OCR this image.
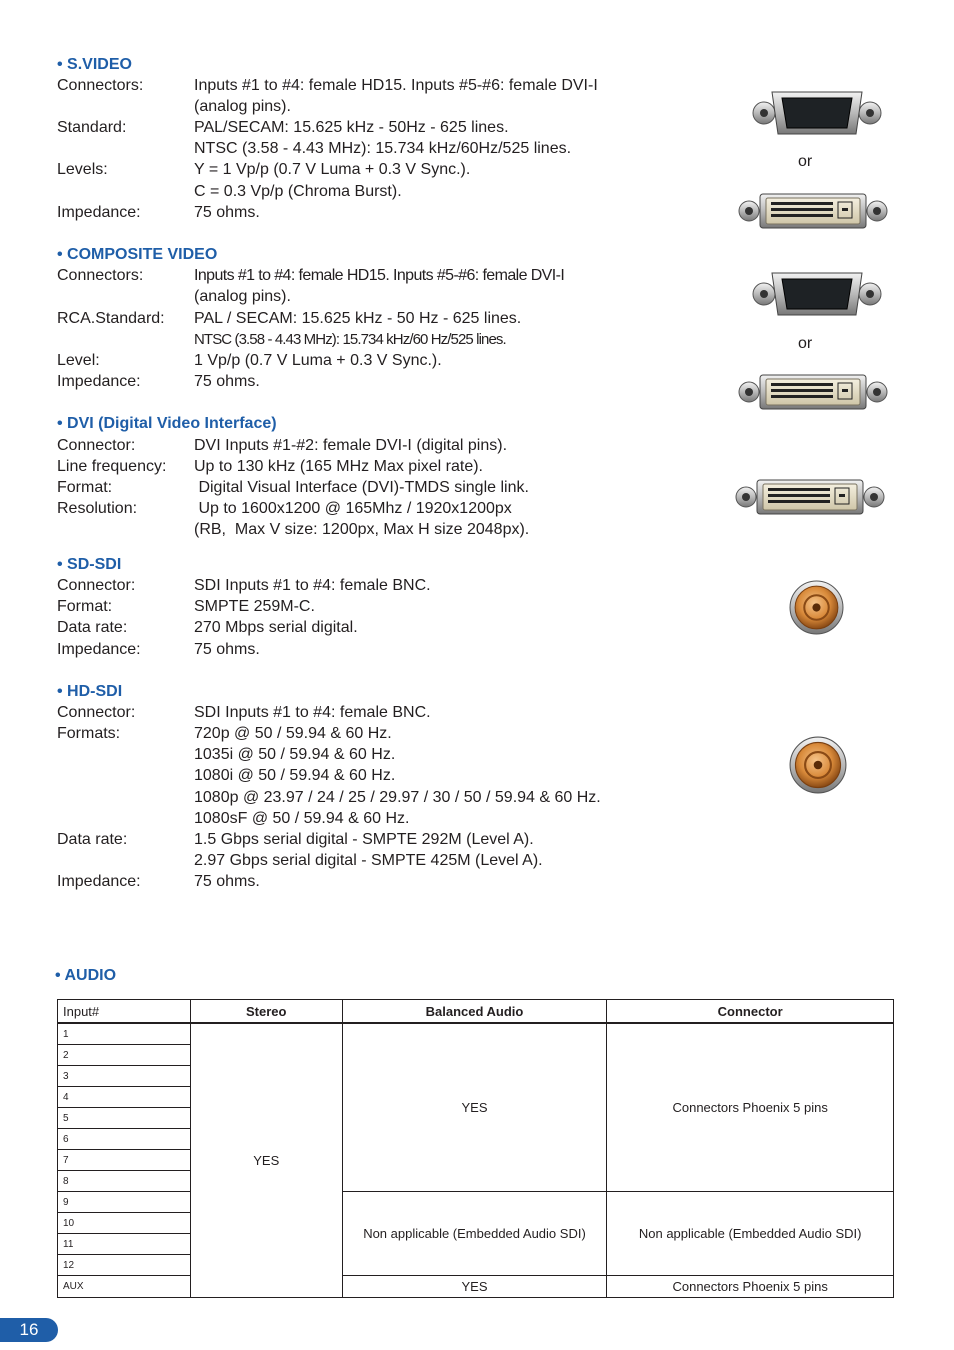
• S.VIDEO
Connectors:	Inputs #1 to #4: female HD15. Inputs #5-#6: female DVI-I
(analog pins).
Standard:	PAL/SECAM: 15.625 kHz - 50Hz - 625 lines.
NTSC (3.58 - 4.43 MHz): 15.734 kHz/60Hz/525 lines.
Levels:	Y = 1 Vp/p (0.7 V Luma + 0.3 V Sync.).
C = 0.3 Vp/p (Chroma Burst).
Impedance:	75 ohms.
• COMPOSITE VIDEO
Connectors:	Inputs #1 to #4: female HD15. Inputs #5-#6: female DVI-I
(analog pins).
RCA.Standard: PAL / SECAM: 15.625 kHz - 50 Hz - 625 lines.
NTSC (3.58 - 4.43 MHz): 15.734 kHz/60 Hz/525 lines.
Level:	1 Vp/p (0.7 V Luma + 0.3 V Sync.).
Impedance:	75 ohms.
• DVI (Digital Video Interface)
Connector:	DVI Inputs #1-#2: female DVI-I (digital pins).
Line frequency: Up to 130 kHz (165 MHz Max pixel rate).
Format:	Digital Visual Interface (DVI)-TMDS single link.
Resolution:	Up to 1600x1200 @ 165Mhz / 1920x1200px
(RB,  Max V size: 1200px, Max H size 2048px).
• SD-SDI
Connector:	SDI Inputs #1 to #4: female BNC.
Format:	SMPTE 259M-C.
Data rate:	270 Mbps serial digital.
Impedance:	75 ohms.
• HD-SDI
Connector:	SDI Inputs #1 to #4: female BNC.
Formats:	720p @ 50 / 59.94 & 60 Hz.
1035i @ 50 / 59.94 & 60 Hz.
1080i @ 50 / 59.94 & 60 Hz.
1080p @ 23.97 / 24 / 25 / 29.97 / 30 / 50 / 59.94 & 60 Hz.
1080sF @ 50 / 59.94 & 60 Hz.
Data rate:	1.5 Gbps serial digital - SMPTE 292M (Level A).
2.97 Gbps serial digital - SMPTE 425M (Level A).
Impedance:	75 ohms.
or
or
• AUDIO
Input#	Stereo	Balanced Audio	Connector
1	YES	YES	Connectors Phoenix 5 pins
2			
3			
4			
5			
6			
7			
8			
9		Non applicable (Embedded Audio SDI)	Non applicable (Embedded Audio SDI)
10			
11			
12			
AUX		YES	Connectors Phoenix 5 pins
16
